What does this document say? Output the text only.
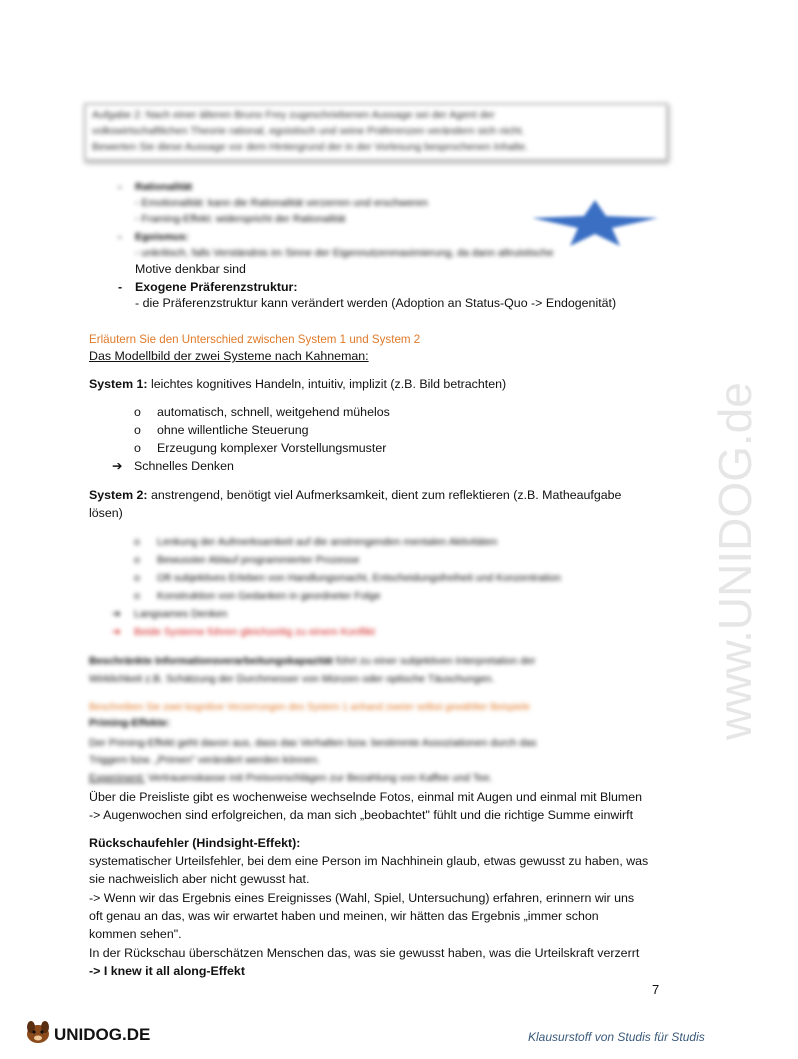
Aufgabe 2: Nach einer älteren Bruno Frey zugeschriebenen Aussage sei der Agent der
volkswirtschaftlichen Theorie rational, egoistisch und seine Präferenzen verändern sich nicht.
Bewerten Sie diese Aussage vor dem Hintergrund der in der Vorlesung besprochenen Inhalte.
- Rationalität
- Emotionalität: kann die Rationalität verzerren und erschweren
- Framing-Effekt: widerspricht der Rationalität
- Egoismus:
- unkritisch, falls Verständnis im Sinne der Eigennutzenmaximierung, da dann altruistische
Motive denkbar sind
- Exogene Präferenzstruktur:
- die Präferenzstruktur kann verändert werden (Adoption an Status-Quo -> Endogenität)
Erläutern Sie den Unterschied zwischen System 1 und System 2
Das Modellbild der zwei Systeme nach Kahneman:
System 1: leichtes kognitives Handeln, intuitiv, implizit (z.B. Bild betrachten)
o automatisch, schnell, weitgehend mühelos
o ohne willentliche Steuerung
o Erzeugung komplexer Vorstellungsmuster
➔ Schnelles Denken
System 2: anstrengend, benötigt viel Aufmerksamkeit, dient zum reflektieren (z.B. Matheaufgabe
lösen)
o Lenkung der Aufmerksamkeit auf die anstrengenden mentalen Aktivitäten
o Bewusster Ablauf programmierter Prozesse
o Oft subjektives Erleben von Handlungsmacht, Entscheidungsfreiheit und Konzentration
o Konstruktion von Gedanken in geordneter Folge
➔ Langsames Denken
➔ Beide Systeme führen gleichzeitig zu einem Konflikt
Beschränkte Informationsverarbeitungskapazität führt zu einer subjektiven Interpretation der
Wirklichkeit z.B. Schätzung der Durchmesser von Münzen oder optische Täuschungen.
Beschreiben Sie zwei kognitive Verzerrungen des System 1 anhand zweier selbst gewählter Beispiele
Priming-Effekte:
Der Priming-Effekt geht davon aus, dass das Verhalten bzw. bestimmte Assoziationen durch das
Triggern bzw. „Primen" verändert werden können.
Experiment: Vertrauenskasse mit Preisvorschlägen zur Bezahlung von Kaffee und Tee.
Über die Preisliste gibt es wochenweise wechselnde Fotos, einmal mit Augen und einmal mit Blumen
-> Augenwochen sind erfolgreichen, da man sich „beobachtet" fühlt und die richtige Summe einwirft
Rückschaufehler (Hindsight-Effekt):
systematischer Urteilsfehler, bei dem eine Person im Nachhinein glaub, etwas gewusst zu haben, was
sie nachweislich aber nicht gewusst hat.
-> Wenn wir das Ergebnis eines Ereignisses (Wahl, Spiel, Untersuchung) erfahren, erinnern wir uns
oft genau an das, was wir erwartet haben und meinen, wir hätten das Ergebnis „immer schon
kommen sehen".
In der Rückschau überschätzen Menschen das, was sie gewusst haben, was die Urteilskraft verzerrt
-> I knew it all along-Effekt
7
www.UNIDOG.de
UNIDOG.DE	Klausurstoff von Studis für Studis
